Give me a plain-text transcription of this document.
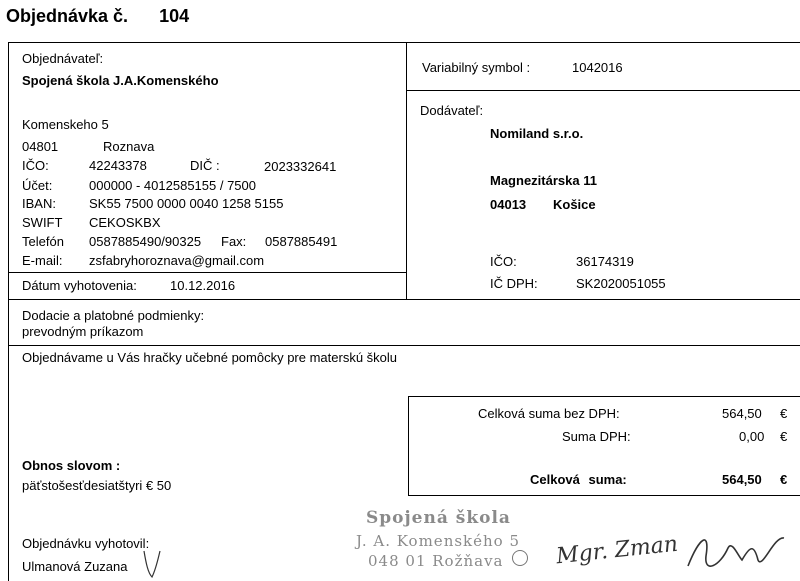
Objednávka č. 104
Objednávateľ:
Spojená škola J.A.Komenského
Komenskeho 5
04801	Roznava
IČO:	42243378	DIČ :	2023332641
Účet:	000000 - 4012585155 / 7500
IBAN:	SK55 7500 0000 0040 1258 5155
SWIFT CEKOSKBX
Telefón 0587885490/90325 Fax: 0587885491
E-mail: zsfabryhoroznava@gmail.com
Dátum vyhotovenia:	10.12.2016
Variabilný symbol :	1042016
Dodávateľ:
Nomiland s.r.o.
Magnezitárska 11
04013 Košice
IČO:	36174319
IČ DPH:	SK2020051055
Dodacie a platobné podmienky:
prevodným príkazom
Objednávame u Vás hračky učebné pomôcky pre materskú školu
Celková suma bez DPH:	564,50 €
Suma DPH:	0,00 €
Celková suma:	564,50 €
Obnos slovom :
päťstošesťdesiatštyri € 50
Objednávku vyhotovil:
Ulmanová Zuzana
Spojená škola
J. A. Komenského 5
048 01 Rožňava Mgr. Zman
